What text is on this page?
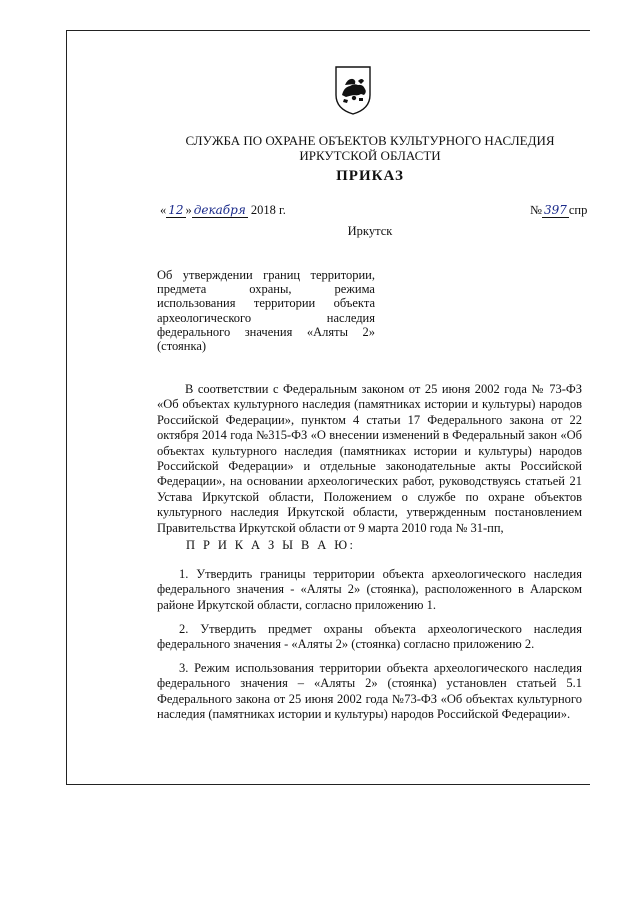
СЛУЖБА ПО ОХРАНЕ ОБЪЕКТОВ КУЛЬТУРНОГО НАСЛЕДИЯ
ИРКУТСКОЙ ОБЛАСТИ
ПРИКАЗ
« 12 » декабря 2018 г.	№ 397 спр
Иркутск
Об утверждении границ территории,
предмета охраны, режима
использования территории объекта
археологического наследия
федерального значения «Аляты 2»
(стоянка)
В соответствии с Федеральным законом от 25 июня 2002 года № 73-ФЗ
«Об объектах культурного наследия (памятниках истории и культуры) народов
Российской Федерации», пунктом 4 статьи 17 Федерального закона от 22
октября 2014 года №315-ФЗ «О внесении изменений в Федеральный закон «Об
объектах культурного наследия (памятниках истории и культуры) народов
Российской Федерации» и отдельные законодательные акты Российской
Федерации», на основании археологических работ, руководствуясь статьей 21
Устава Иркутской области, Положением о службе по охране объектов
культурного наследия Иркутской области, утвержденным постановлением
Правительства Иркутской области от 9 марта 2010 года № 31-пп,
П Р И К А З Ы В А Ю:
1. Утвердить границы территории объекта археологического наследия
федерального значения - «Аляты 2» (стоянка), расположенного в Аларском
районе Иркутской области, согласно приложению 1.
2. Утвердить предмет охраны объекта археологического наследия
федерального значения - «Аляты 2» (стоянка) согласно приложению 2.
3. Режим использования территории объекта археологического наследия
федерального значения – «Аляты 2» (стоянка) установлен статьей 5.1
Федерального закона от 25 июня 2002 года №73-ФЗ «Об объектах культурного
наследия (памятниках истории и культуры) народов Российской Федерации».
